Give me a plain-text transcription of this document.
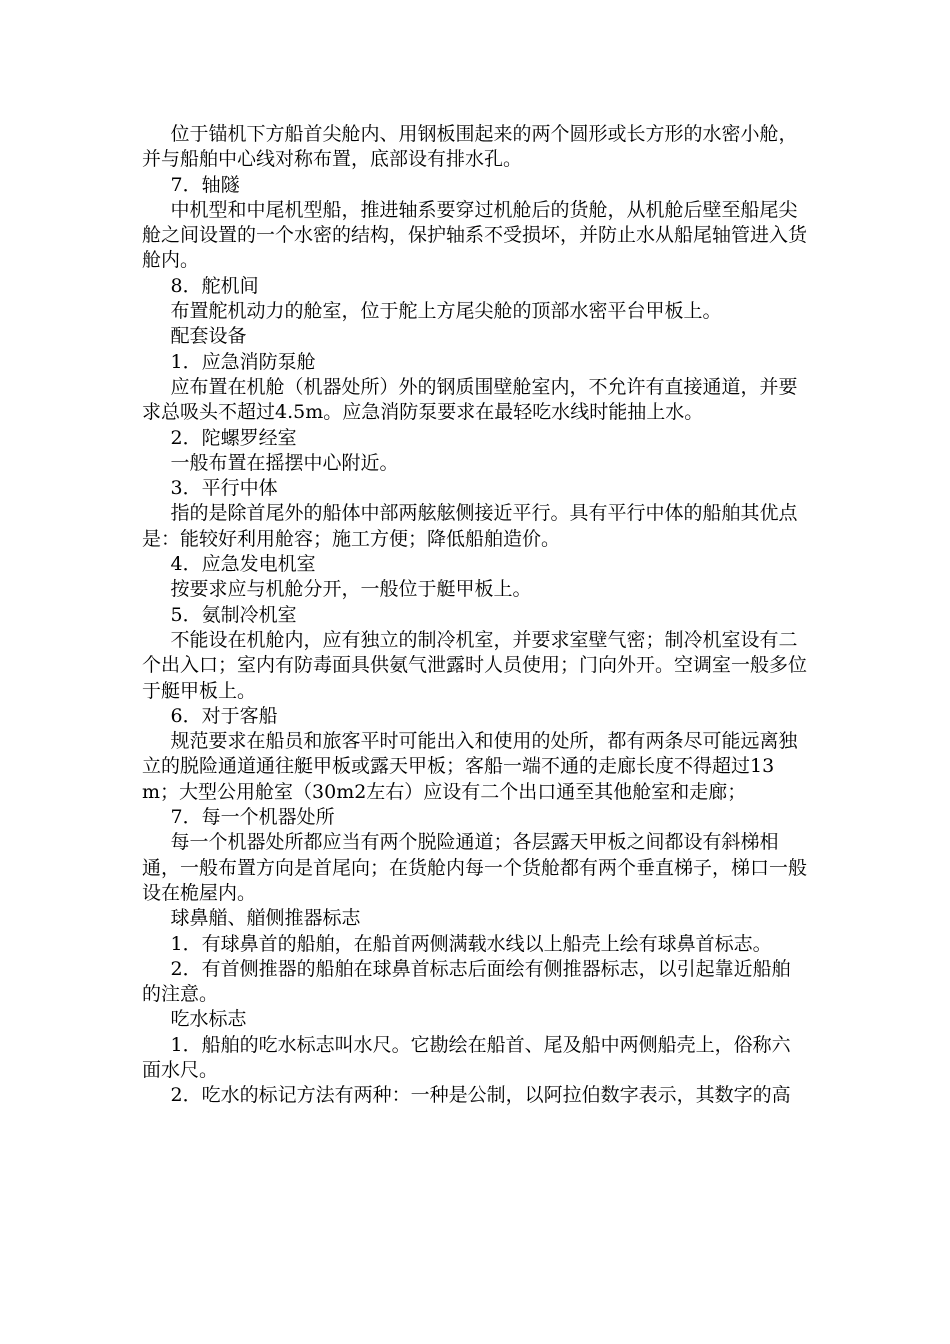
位于锚机下方船首尖舱内、用钢板围起来的两个圆形或长方形的水密小舱，并与船舶中心线对称布置，底部设有排水孔。

7．轴隧

中机型和中尾机型船，推进轴系要穿过机舱后的货舱，从机舱后壁至船尾尖舱之间设置的一个水密的结构，保护轴系不受损坏，并防止水从船尾轴管进入货舱内。

8．舵机间

布置舵机动力的舱室，位于舵上方尾尖舱的顶部水密平台甲板上。

配套设备

1．应急消防泵舱

应布置在机舱（机器处所）外的钢质围壁舱室内，不允许有直接通道，并要求总吸头不超过4.5m。应急消防泵要求在最轻吃水线时能抽上水。

2．陀螺罗经室

一般布置在摇摆中心附近。

3．平行中体

指的是除首尾外的船体中部两舷舷侧接近平行。具有平行中体的船舶其优点是：能较好利用舱容；施工方便；降低船舶造价。

4．应急发电机室

按要求应与机舱分开，一般位于艇甲板上。

5．氨制冷机室

不能设在机舱内，应有独立的制冷机室，并要求室壁气密；制冷机室设有二个出入口；室内有防毒面具供氨气泄露时人员使用；门向外开。空调室一般多位于艇甲板上。

6．对于客船

规范要求在船员和旅客平时可能出入和使用的处所，都有两条尽可能远离独立的脱险通道通往艇甲板或露天甲板；客船一端不通的走廊长度不得超过13m；大型公用舱室（30m2左右）应设有二个出口通至其他舱室和走廊；

7．每一个机器处所

每一个机器处所都应当有两个脱险通道；各层露天甲板之间都设有斜梯相通，一般布置方向是首尾向；在货舱内每一个货舱都有两个垂直梯子，梯口一般设在桅屋内。

球鼻艏、艏侧推器标志

1．有球鼻首的船舶，在船首两侧满载水线以上船壳上绘有球鼻首标志。

2．有首侧推器的船舶在球鼻首标志后面绘有侧推器标志，以引起靠近船舶的注意。

吃水标志

1．船舶的吃水标志叫水尺。它勘绘在船首、尾及船中两侧船壳上，俗称六面水尺。

2．吃水的标记方法有两种：一种是公制，以阿拉伯数字表示，其数字的高
